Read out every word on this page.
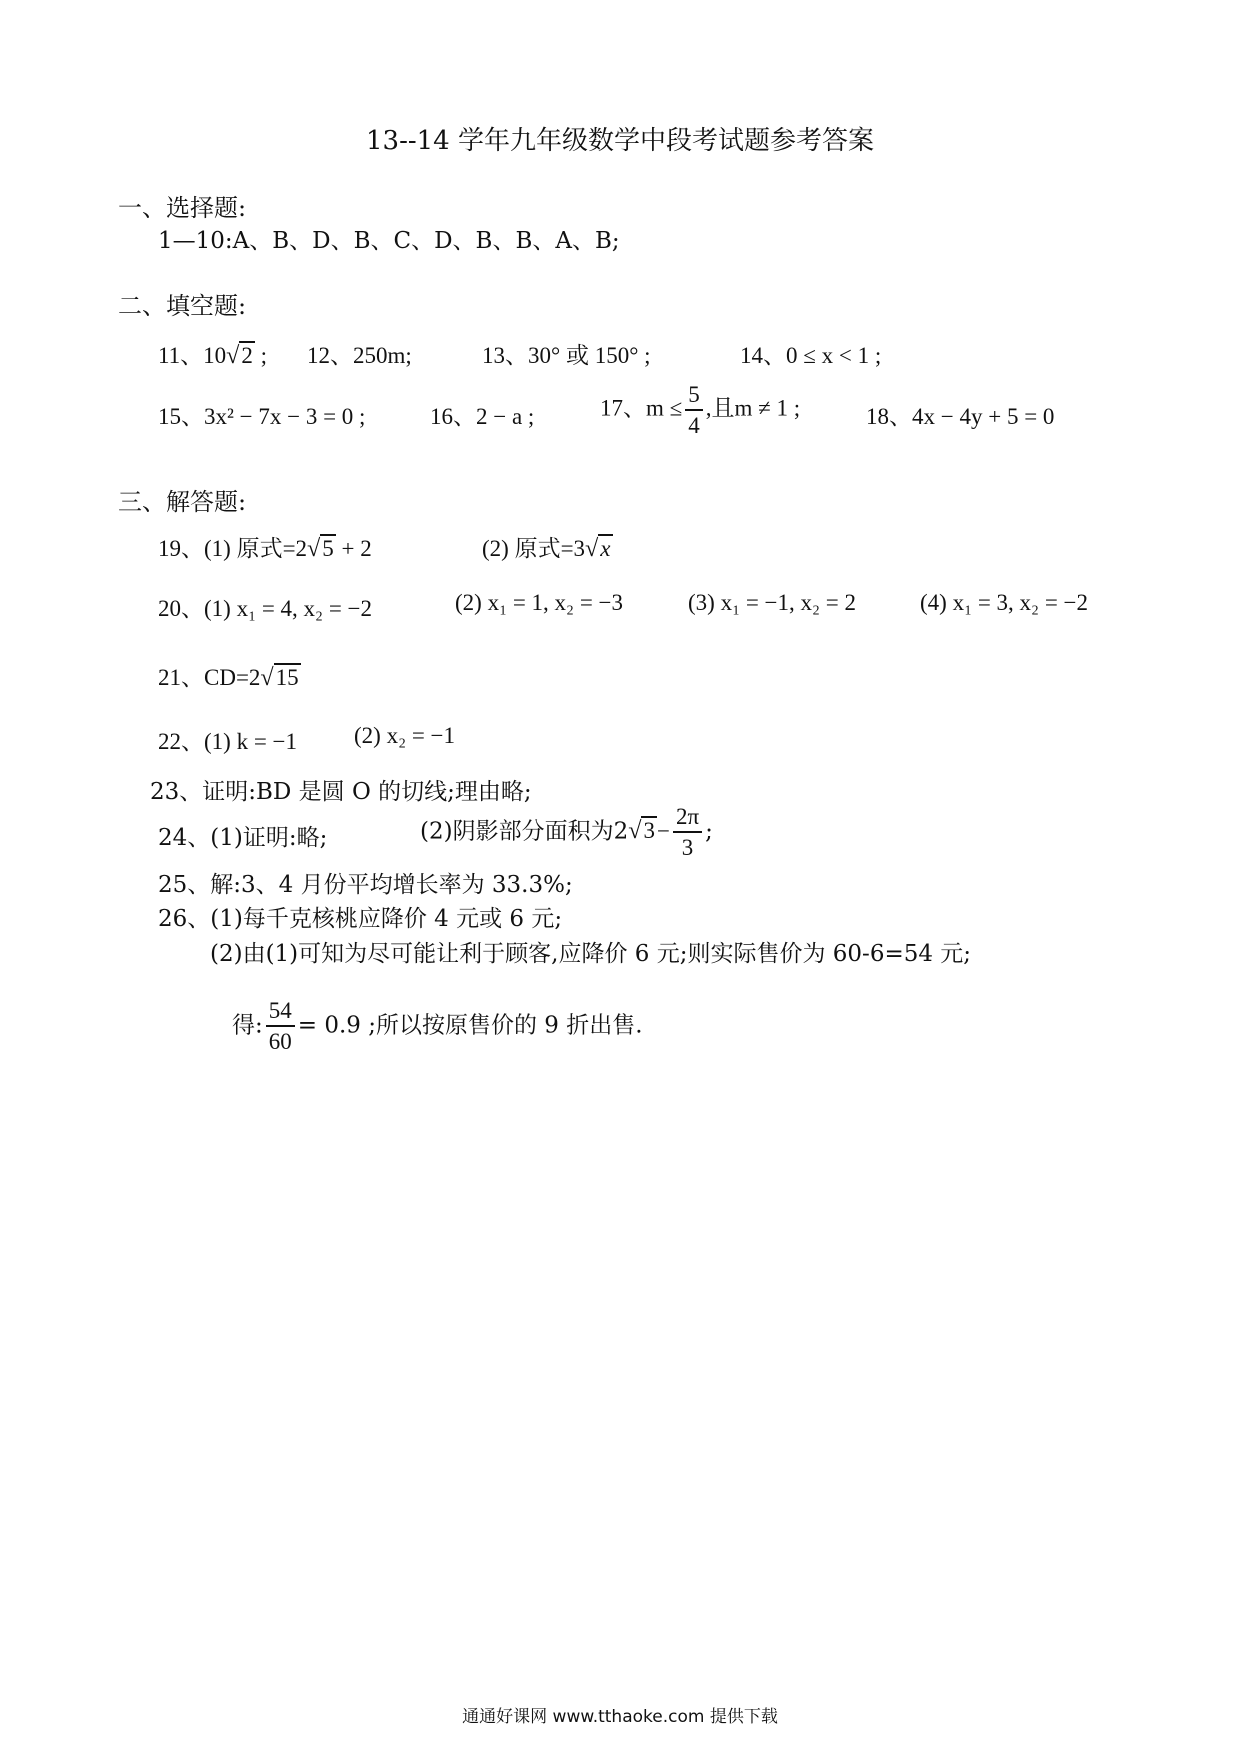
13--14 学年九年级数学中段考试题参考答案
一、选择题:
1—10:A、B、D、B、C、D、B、B、A、B;
二、填空题:
11、10√2 ; 12、250m;	13、30° 或 150° ;	14、0 ≤ x < 1 ;
15、3x² − 7x − 3 = 0 ;	16、2 − a ;	17、$m \le \frac{5}{4}$ ,且m ≠ 1 ;	18、4x − 4y + 5 = 0
三、解答题:
19、(1) 原式=2√5 + 2	(2) 原式=3√x
20、(1) x₁ = 4, x₂ = −2	(2) x₁ = 1, x₂ = −3	(3) x₁ = −1, x₂ = 2	(4) x₁ = 3, x₂ = −2
21、CD=2√15
22、(1) k = −1 (2) x₂ = −1
23、证明:BD 是圆 O 的切线;理由略;
24、(1)证明:略;	(2)阴影部分面积为$2√3- \frac{2\pi}{3}$ ;
25、解:3、4 月份平均增长率为 33.3%;
26、(1)每千克核桃应降价 4 元或 6 元;
(2)由(1)可知为尽可能让利于顾客,应降价 6 元;则实际售价为 60-6=54 元;
得: $\frac{54}{60} = 0.9$ ;所以按原售价的 9 折出售.
通通好课网 www.tthaoke.com 提供下载
